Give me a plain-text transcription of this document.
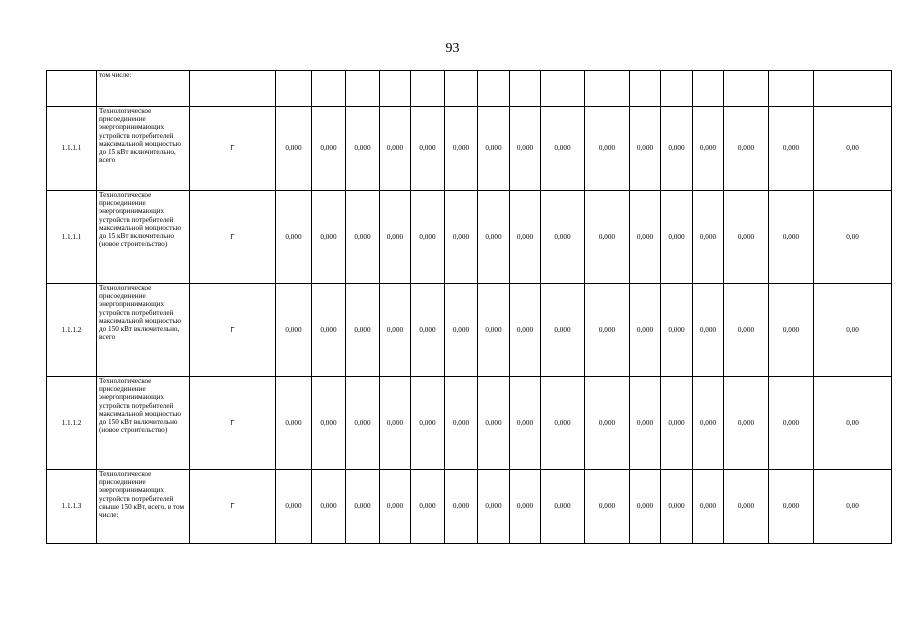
93
	том числе:																	
1.1.1.1	Технологическое присоединение энергопринимающих устройств потребителей максимальной мощностью до 15 кВт включительно, всего	Г	0,000	0,000	0,000	0,000	0,000	0,000	0,000	0,000	0,000	0,000	0,000	0,000	0,000	0,000	0,000	0,00
1.1.1.1	Технологическое присоединение энергопринимающих устройств потребителей максимальной мощностью до 15 кВт включительно (новое строительство)	Г	0,000	0,000	0,000	0,000	0,000	0,000	0,000	0,000	0,000	0,000	0,000	0,000	0,000	0,000	0,000	0,00
1.1.1.2	Технологическое присоединение энергопринимающих устройств потребителей максимальной мощностью до 150 кВт включительно, всего	Г	0,000	0,000	0,000	0,000	0,000	0,000	0,000	0,000	0,000	0,000	0,000	0,000	0,000	0,000	0,000	0,00
1.1.1.2	Технологическое присоединение энергопринимающих устройств потребителей максимальной мощностью до 150 кВт включительно (новое строительство)	Г	0,000	0,000	0,000	0,000	0,000	0,000	0,000	0,000	0,000	0,000	0,000	0,000	0,000	0,000	0,000	0,00
1.1.1.3	Технологическое присоединение энергопринимающих устройств потребителей свыше 150 кВт, всего, в том числе:	Г	0,000	0,000	0,000	0,000	0,000	0,000	0,000	0,000	0,000	0,000	0,000	0,000	0,000	0,000	0,000	0,00
